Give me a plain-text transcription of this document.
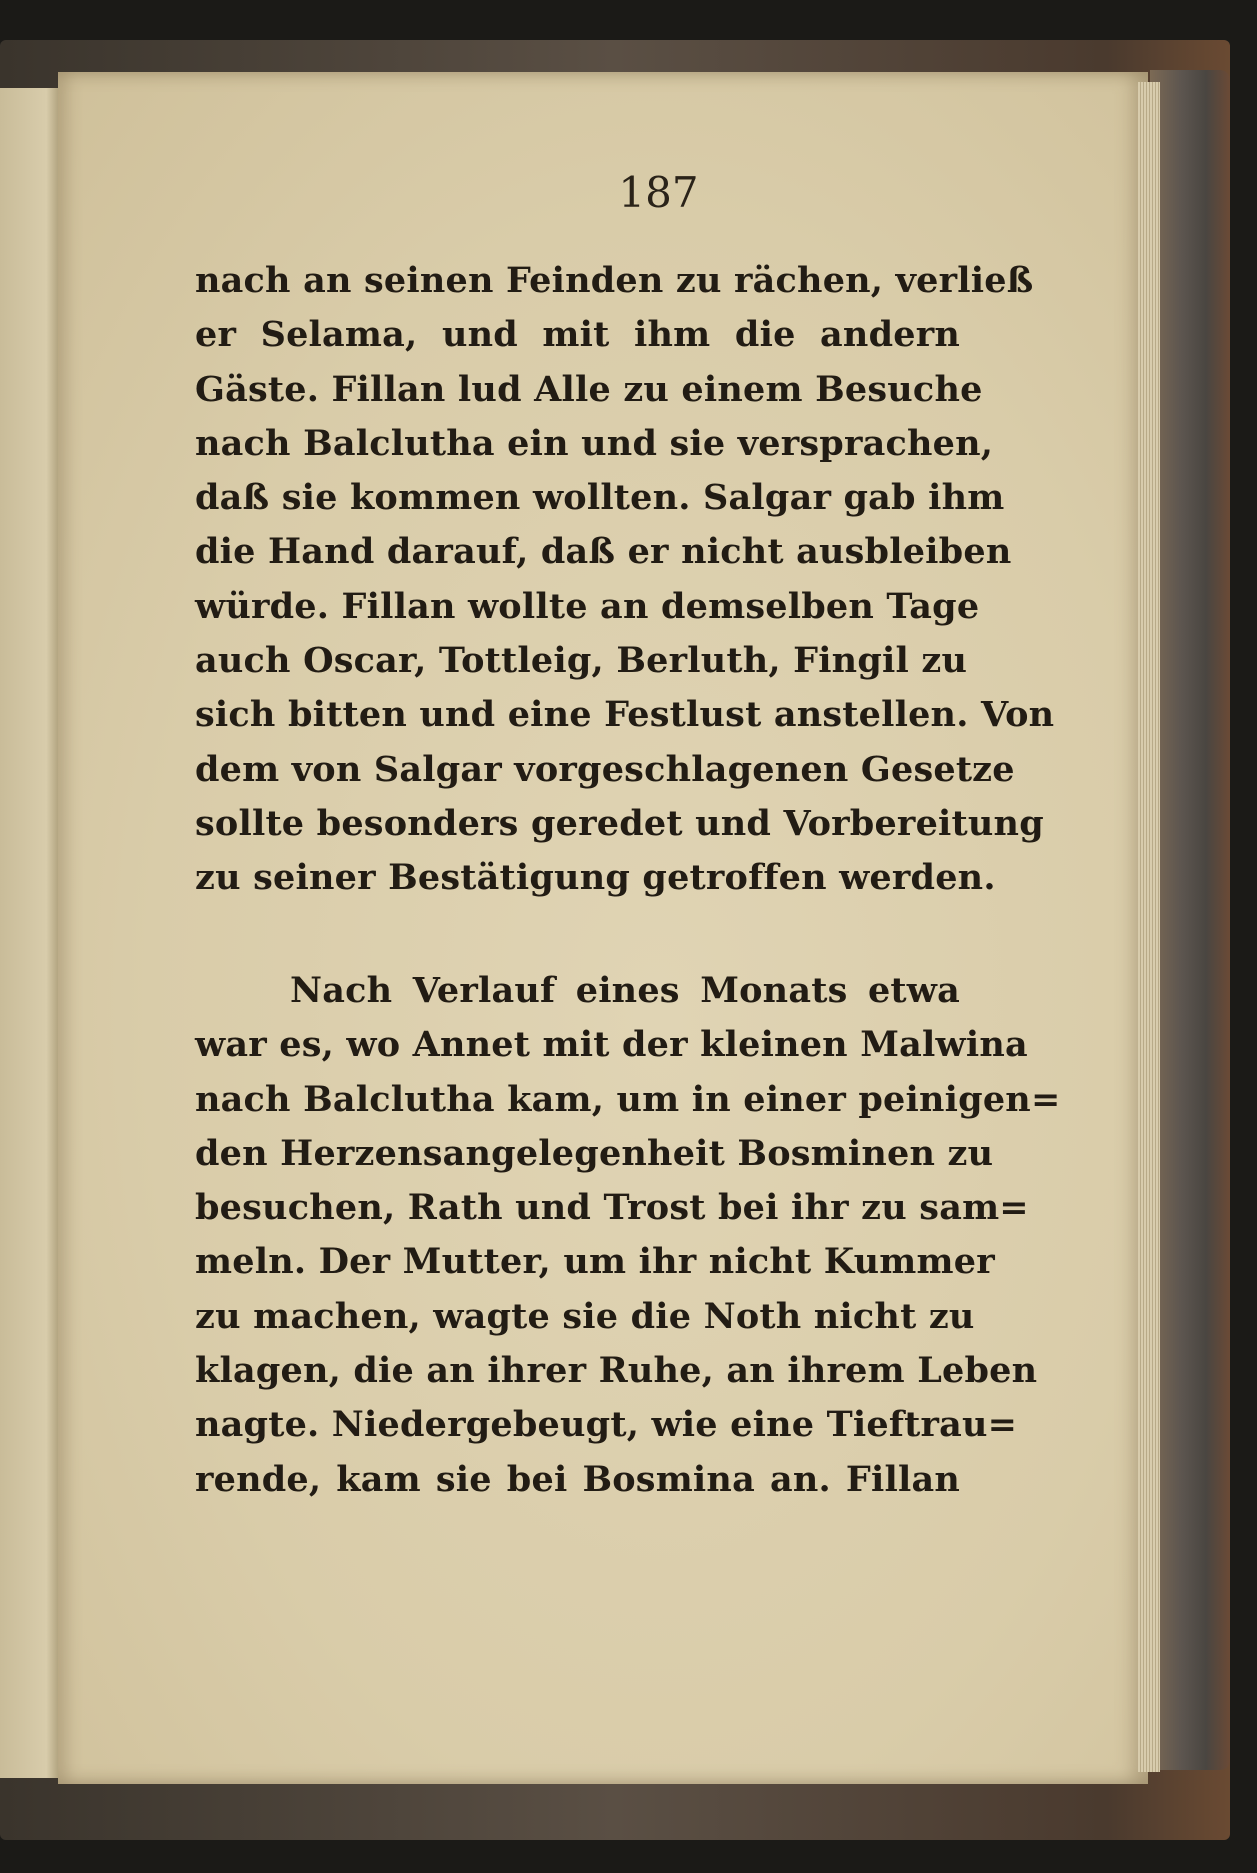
187
nach an seinen Feinden zu rächen, verließ
er Selama, und mit ihm die andern
Gäste. Fillan lud Alle zu einem Besuche
nach Balclutha ein und sie versprachen,
daß sie kommen wollten. Salgar gab ihm
die Hand darauf, daß er nicht ausbleiben
würde. Fillan wollte an demselben Tage
auch Oscar, Tottleig, Berluth, Fingil zu
sich bitten und eine Festlust anstellen. Von
dem von Salgar vorgeschlagenen Gesetze
sollte besonders geredet und Vorbereitung
zu seiner Bestätigung getroffen werden.
Nach Verlauf eines Monats etwa
war es, wo Annet mit der kleinen Malwina
nach Balclutha kam, um in einer peinigen=
den Herzensangelegenheit Bosminen zu
besuchen, Rath und Trost bei ihr zu sam=
meln. Der Mutter, um ihr nicht Kummer
zu machen, wagte sie die Noth nicht zu
klagen, die an ihrer Ruhe, an ihrem Leben
nagte. Niedergebeugt, wie eine Tieftrau=
rende, kam sie bei Bosmina an. Fillan
